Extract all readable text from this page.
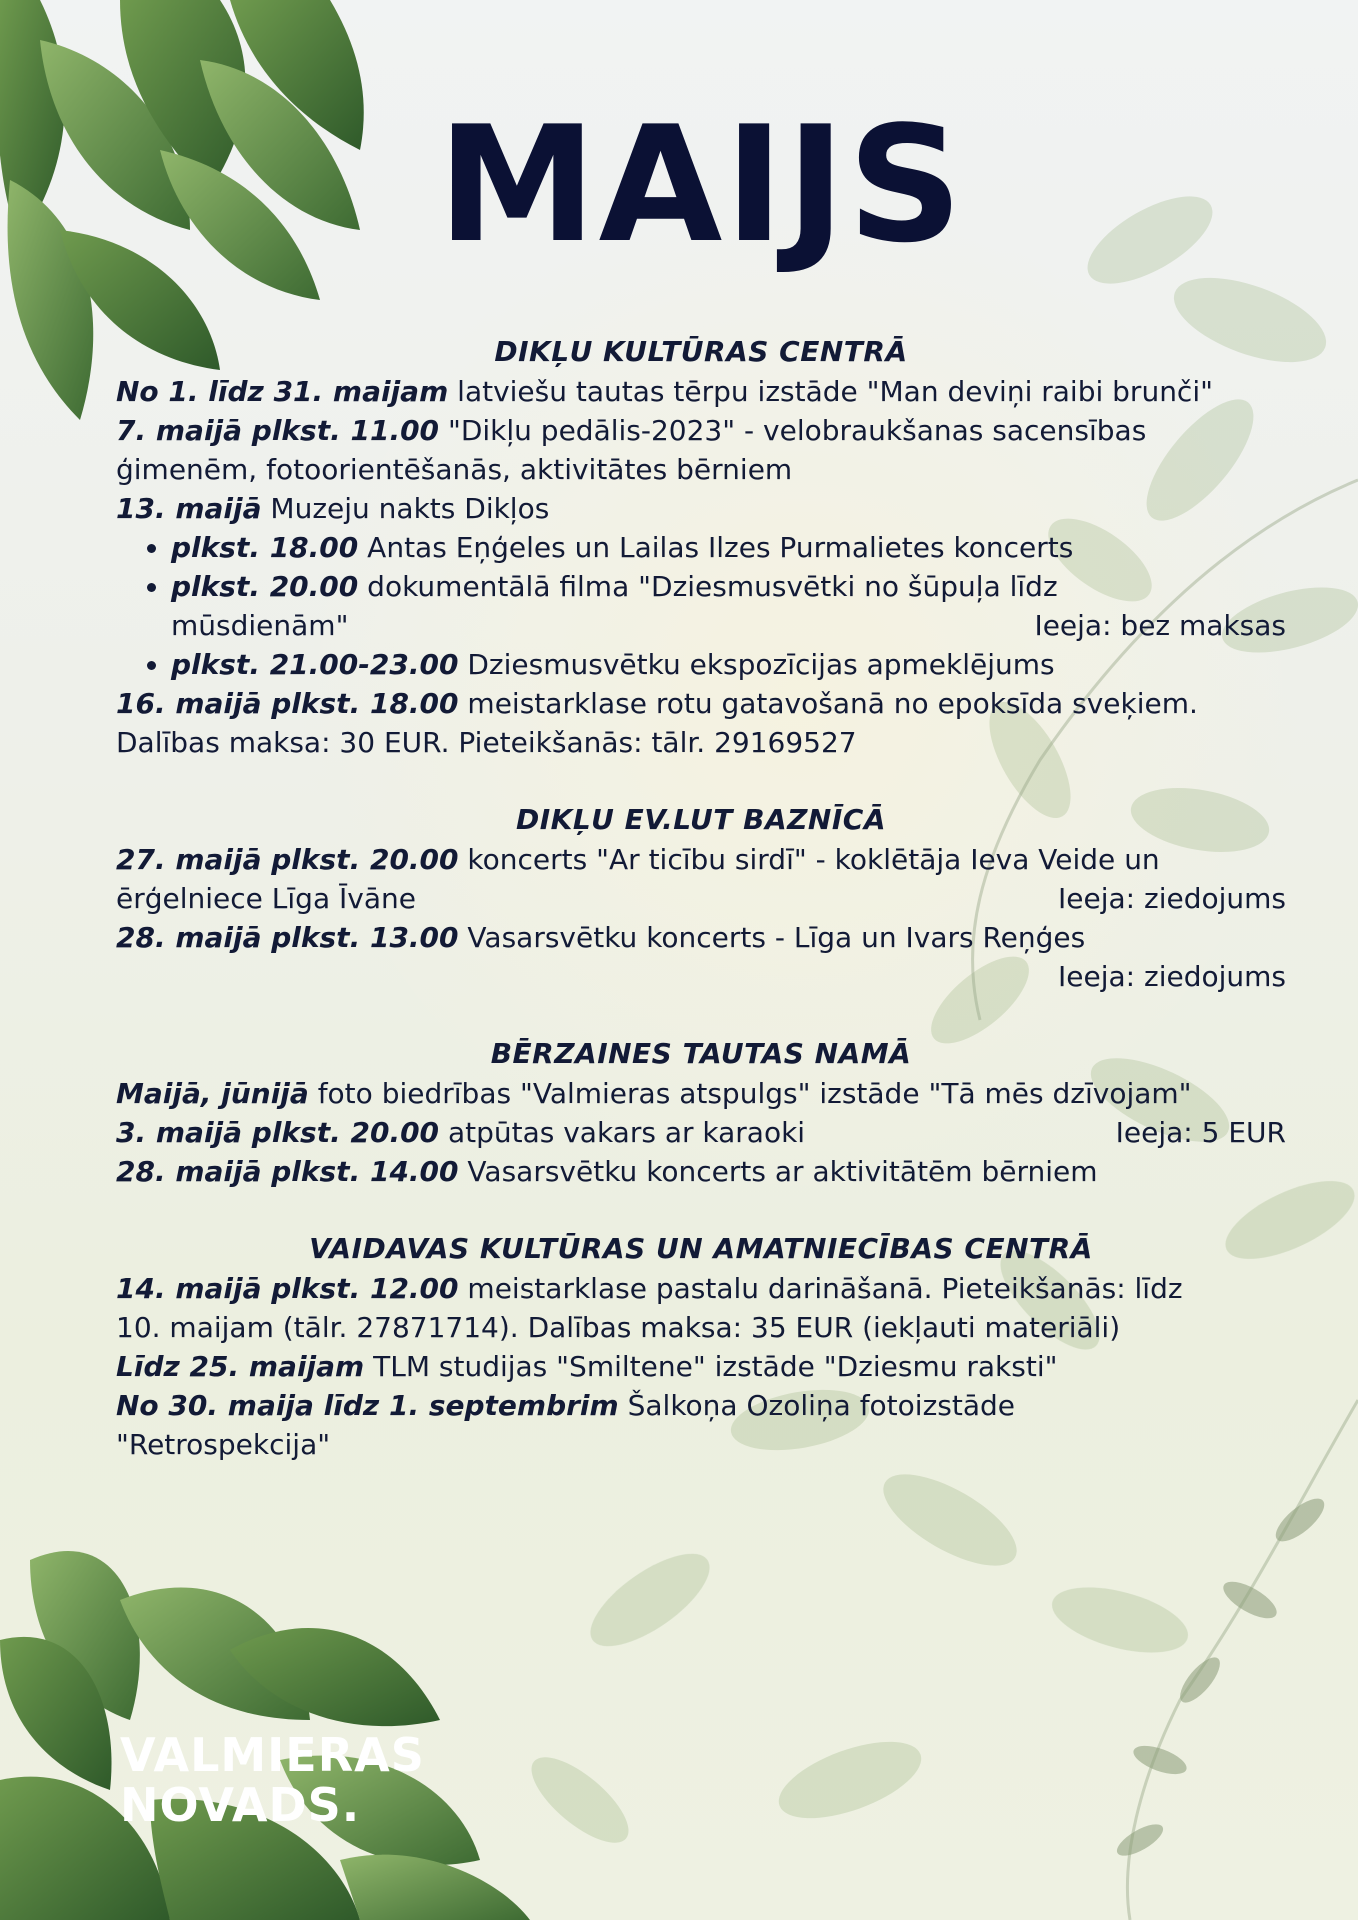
MAIJS
DIKĻU KULTŪRAS CENTRĀ

No 1. līdz 31. maijam latviešu tautas tērpu izstāde "Man deviņi raibi brunči"

7. maijā plkst. 11.00 "Dikļu pedālis-2023" - velobraukšanas sacensības

ģimenēm, fotoorientēšanās, aktivitātes bērniem

13. maijā Muzeju nakts Dikļos

• plkst. 18.00 Antas Eņģeles un Lailas Ilzes Purmalietes koncerts
• plkst. 20.00 dokumentālā filma "Dziesmusvētki no šūpuļa līdz

mūsdienām"	Ieeja: bez maksas
• plkst. 21.00-23.00 Dziesmusvētku ekspozīcijas apmeklējums

16. maijā plkst. 18.00 meistarklase rotu gatavošanā no epoksīda sveķiem.

Dalības maksa: 30 EUR. Pieteikšanās: tālr. 29169527

DIKĻU EV.LUT BAZNĪCĀ

27. maijā plkst. 20.00 koncerts "Ar ticību sirdī" - koklētāja Ieva Veide un

ērģelniece Līga Īvāne	Ieeja: ziedojums

28. maijā plkst. 13.00 Vasarsvētku koncerts - Līga un Ivars Reņģes

Ieeja: ziedojums

BĒRZAINES TAUTAS NAMĀ

Maijā, jūnijā foto biedrības "Valmieras atspulgs" izstāde "Tā mēs dzīvojam"

3. maijā plkst. 20.00 atpūtas vakars ar karaoki	Ieeja: 5 EUR

28. maijā plkst. 14.00 Vasarsvētku koncerts ar aktivitātēm bērniem

VAIDAVAS KULTŪRAS UN AMATNIECĪBAS CENTRĀ

14. maijā plkst. 12.00 meistarklase pastalu darināšanā. Pieteikšanās: līdz

10. maijam (tālr. 27871714). Dalības maksa: 35 EUR (iekļauti materiāli)

Līdz 25. maijam TLM studijas "Smiltene" izstāde "Dziesmu raksti"

No 30. maija līdz 1. septembrim Šalkoņa Ozoliņa fotoizstāde

"Retrospekcija"

VALMIERAS
NOVADS.
